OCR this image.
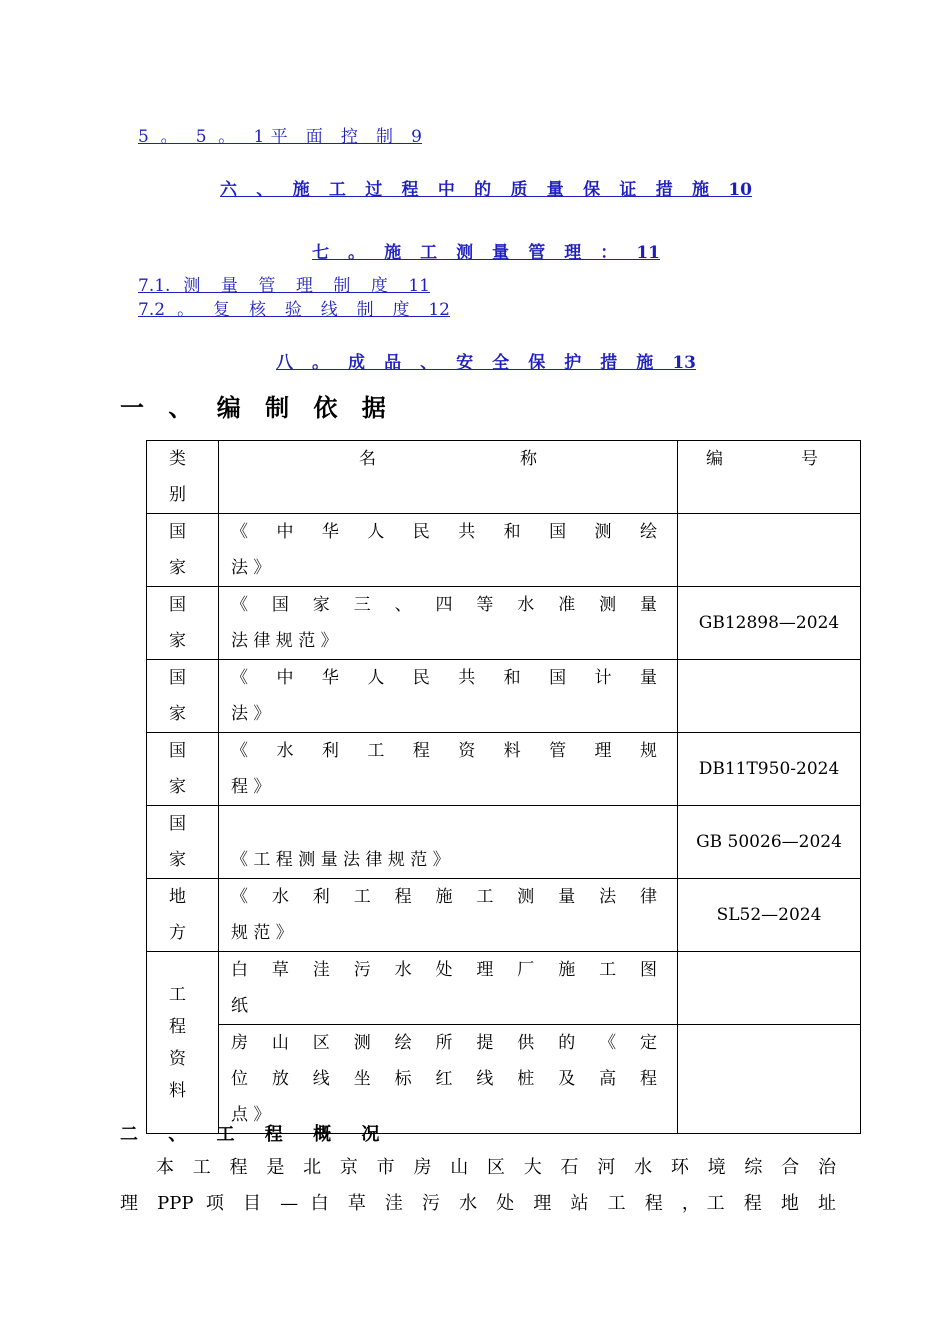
5 。 5 。 1平 面 控 制 9
六 、 施 工 过 程 中 的 质 量 保 证 措 施 10
七 。 施 工 测 量 管 理 ： 11
7.1. 测 量 管 理 制 度 11
7.2 。 复 核 验 线 制 度 12
八 。 成 品 、 安 全 保 护 措 施 13
一 、 编 制 依 据
类
别	名 称	编 号

国
家	《 中 华 人 民 共 和 国 测 绘
法 》	

国
家	《 国 家 三 、 四 等 水 准 测 量
法 律 规 范 》	GB12898—2024

国
家	《 中 华 人 民 共 和 国 计 量
法 》	

国
家	《 水 利 工 程 资 料 管 理 规
程 》	DB11T950-2024

国
家	《 工 程 测 量 法 律 规 范 》	GB 50026—2024

地
方	《 水 利 工 程 施 工 测 量 法 律
规 范 》	SL52—2024

工
程
资
料	白 草 洼 污 水 处 理 厂 施 工 图
纸	

	房 山 区 测 绘 所 提 供 的 《 定
位 放 线 坐 标 红 线 桩 及 高 程
点 》	

二 、 工 程 概 况
本 工 程 是 北 京 市 房 山 区 大 石 河 水 环 境 综 合 治
理 PPP 项 目 — 白 草 洼 污 水 处 理 站 工 程 ，工 程 地 址
